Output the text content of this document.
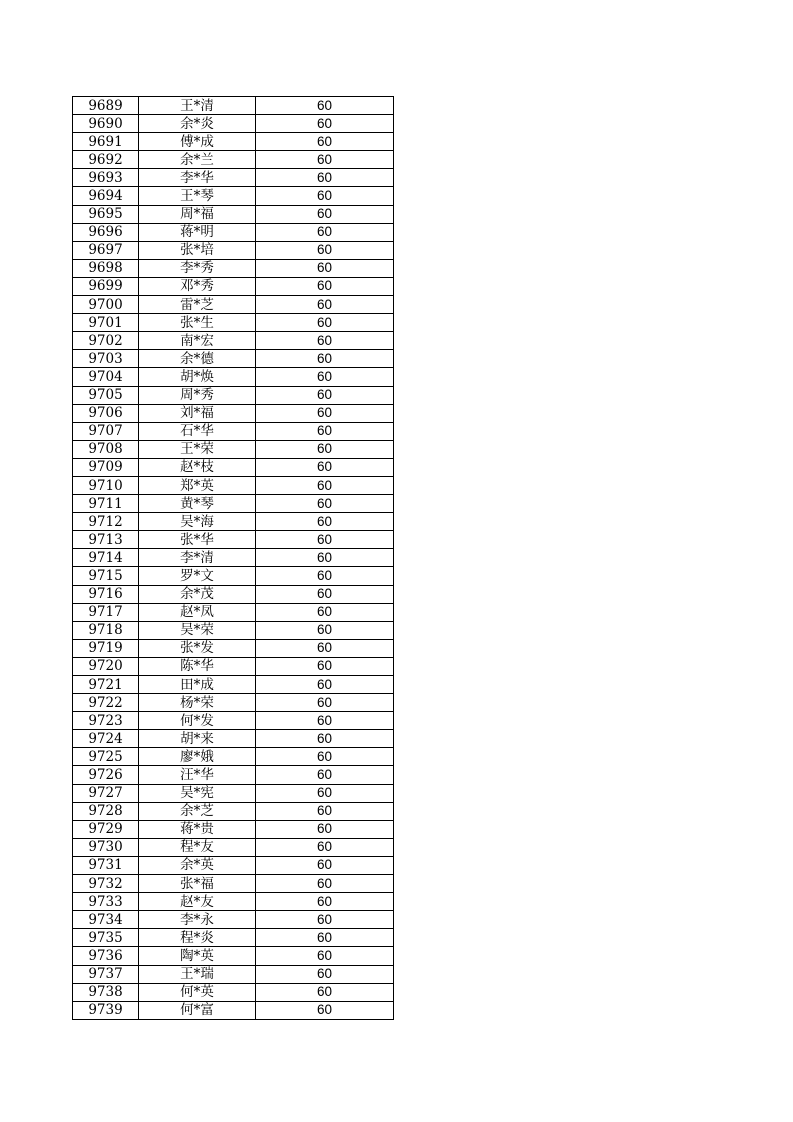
9689	王*清	60
9690	余*炎	60
9691	傅*成	60
9692	余*兰	60
9693	李*华	60
9694	王*琴	60
9695	周*福	60
9696	蒋*明	60
9697	张*培	60
9698	李*秀	60
9699	邓*秀	60
9700	雷*芝	60
9701	张*生	60
9702	南*宏	60
9703	余*德	60
9704	胡*焕	60
9705	周*秀	60
9706	刘*福	60
9707	石*华	60
9708	王*荣	60
9709	赵*枝	60
9710	郑*英	60
9711	黄*琴	60
9712	吴*海	60
9713	张*华	60
9714	李*清	60
9715	罗*文	60
9716	余*茂	60
9717	赵*凤	60
9718	吴*荣	60
9719	张*发	60
9720	陈*华	60
9721	田*成	60
9722	杨*荣	60
9723	何*发	60
9724	胡*来	60
9725	廖*娥	60
9726	汪*华	60
9727	吴*宪	60
9728	余*芝	60
9729	蒋*贵	60
9730	程*友	60
9731	余*英	60
9732	张*福	60
9733	赵*友	60
9734	李*永	60
9735	程*炎	60
9736	陶*英	60
9737	王*瑞	60
9738	何*英	60
9739	何*富	60
